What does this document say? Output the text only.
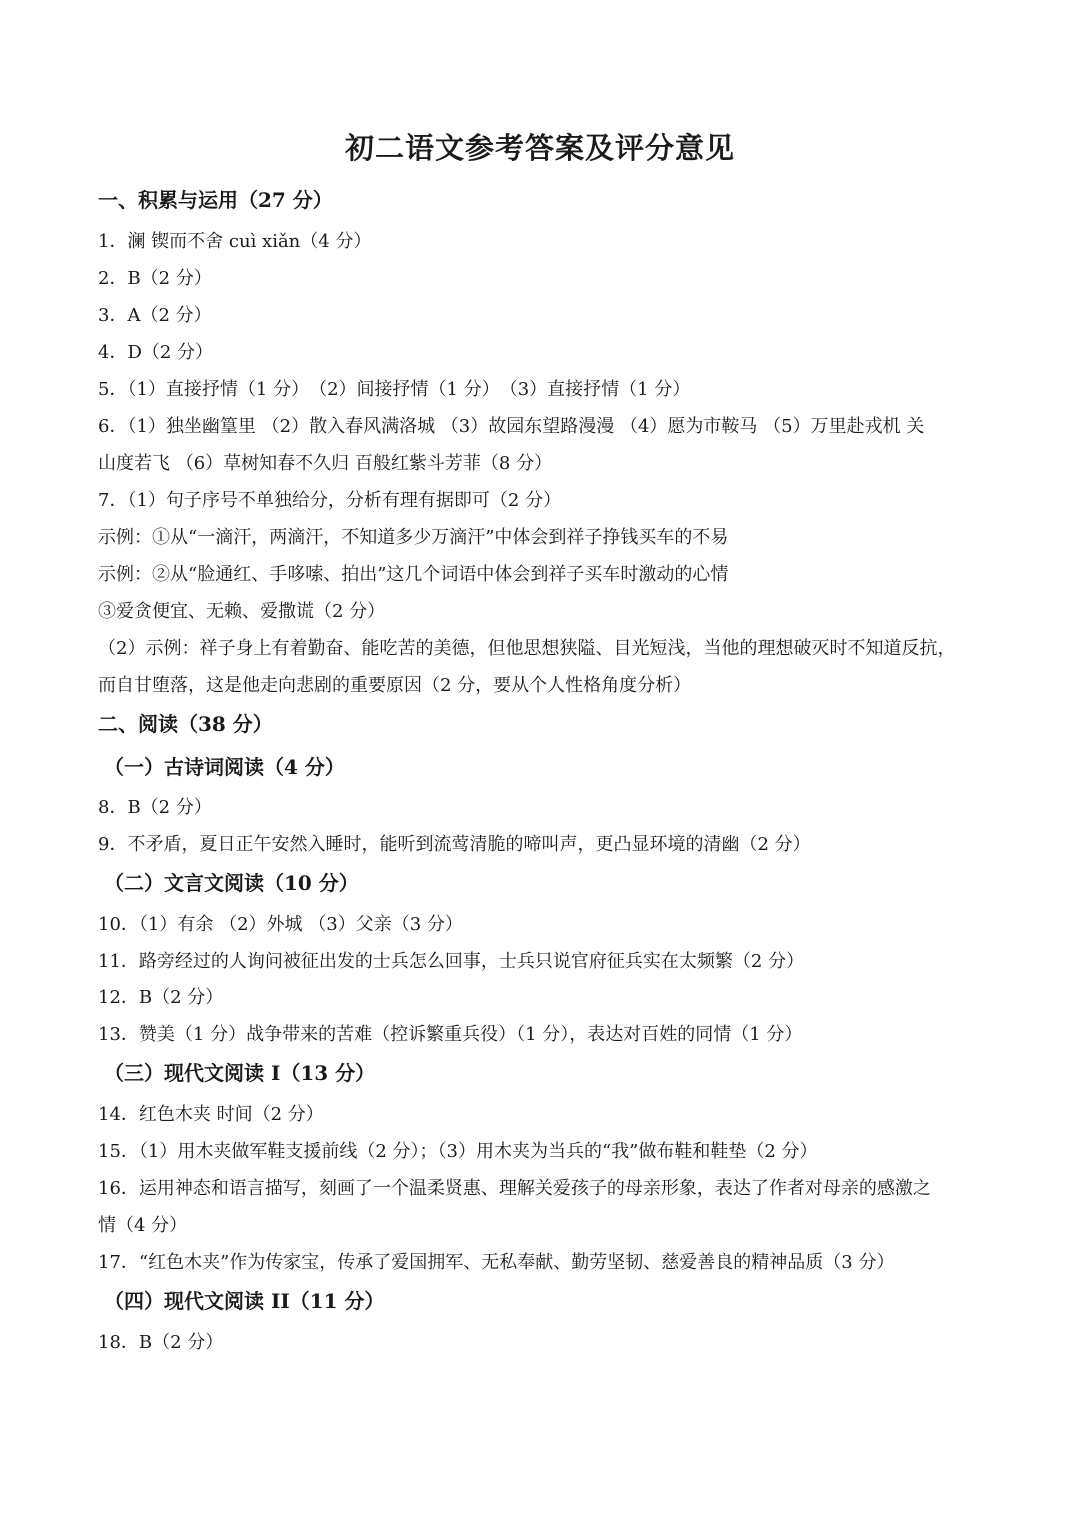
初二语文参考答案及评分意见
一、积累与运用（27 分）
1．澜 锲而不舍 cuì xiǎn（4 分）
2．B（2 分）
3．A（2 分）
4．D（2 分）
5．（1）直接抒情（1 分）　（2）间接抒情（1 分）　（3）直接抒情（1 分）
6．（1）独坐幽篁里 （2）散入春风满洛城 （3）故园东望路漫漫 （4）愿为市鞍马 （5）万里赴戎机 关
山度若飞 （6）草树知春不久归 百般红紫斗芳菲（8 分）
7．（1）句子序号不单独给分，分析有理有据即可（2 分）
示例：①从“一滴汗，两滴汗，不知道多少万滴汗”中体会到祥子挣钱买车的不易
示例：②从“脸通红、手哆嗦、拍出”这几个词语中体会到祥子买车时激动的心情
③爱贪便宜、无赖、爱撒谎（2 分）
（2）示例：祥子身上有着勤奋、能吃苦的美德，但他思想狭隘、目光短浅，当他的理想破灭时不知道反抗，
而自甘堕落，这是他走向悲剧的重要原因（2 分，要从个人性格角度分析）
二、阅读（38 分）
（一）古诗词阅读（4 分）
8．B（2 分）
9．不矛盾，夏日正午安然入睡时，能听到流莺清脆的啼叫声，更凸显环境的清幽（2 分）
（二）文言文阅读（10 分）
10．（1）有余 （2）外城 （3）父亲（3 分）
11．路旁经过的人询问被征出发的士兵怎么回事，士兵只说官府征兵实在太频繁（2 分）
12．B（2 分）
13．赞美（1 分）战争带来的苦难（控诉繁重兵役）（1 分），表达对百姓的同情（1 分）
（三）现代文阅读 I（13 分）
14．红色木夹 时间（2 分）
15．（1）用木夹做军鞋支援前线（2 分）；（3）用木夹为当兵的“我”做布鞋和鞋垫（2 分）
16．运用神态和语言描写，刻画了一个温柔贤惠、理解关爱孩子的母亲形象，表达了作者对母亲的感激之
情（4 分）
17．“红色木夹”作为传家宝，传承了爱国拥军、无私奉献、勤劳坚韧、慈爱善良的精神品质（3 分）
（四）现代文阅读 II（11 分）
18．B（2 分）
